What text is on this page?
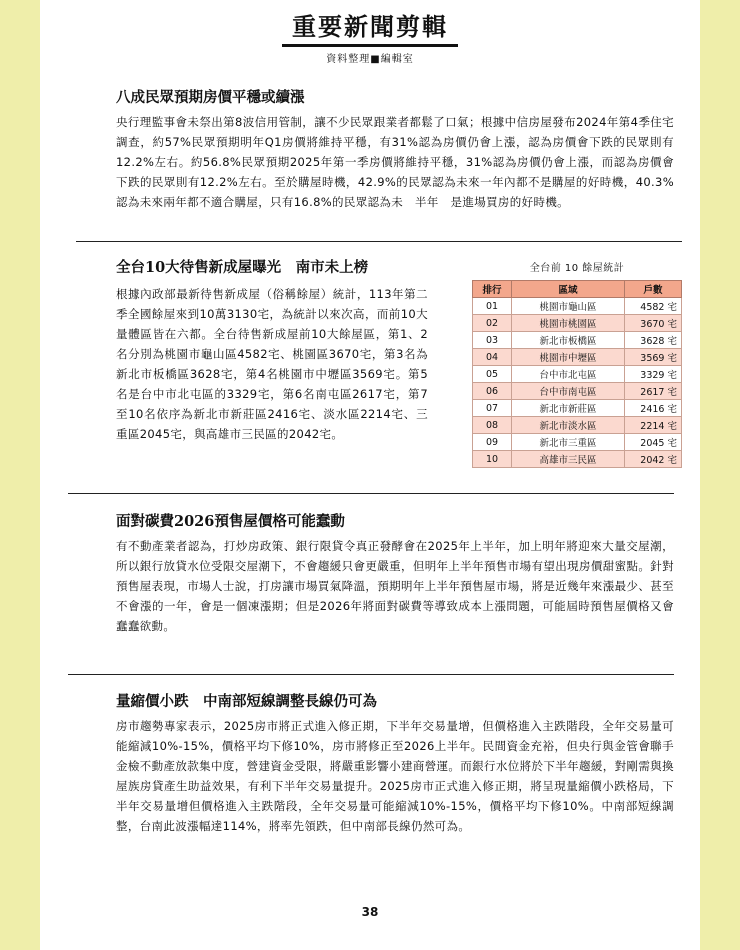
重要新聞剪輯
資料整理■編輯室
八成民眾預期房價平穩或續漲
央行理監事會未祭出第8波信用管制，讓不少民眾跟業者都鬆了口氣；根據中信房屋發布2024年第4季住宅調查，約57%民眾預期明年Q1房價將維持平穩，有31%認為房價仍會上漲，認為房價會下跌的民眾則有12.2%左右。約56.8%民眾預期2025年第一季房價將維持平穩，31%認為房價仍會上漲，而認為房價會下跌的民眾則有12.2%左右。至於購屋時機，42.9%的民眾認為未來一年內都不是購屋的好時機，40.3%認為未來兩年都不適合購屋，只有16.8%的民眾認為未　半年　是進場買房的好時機。
全台10大待售新成屋曝光　南市未上榜
根據內政部最新待售新成屋（俗稱餘屋）統計，113年第二季全國餘屋來到10萬3130宅，為統計以來次高，而前10大量體區皆在六都。全台待售新成屋前10大餘屋區，第1、2名分別為桃園市龜山區4582宅、桃園區3670宅，第3名為新北市板橋區3628宅，第4名桃園市中壢區3569宅。第5名是台中市北屯區的3329宅，第6名南屯區2617宅，第7至10名依序為新北市新莊區2416宅、淡水區2214宅、三重區2045宅，與高雄市三民區的2042宅。
全台前 10 餘屋統計
排行	區域	戶數
01	桃園市龜山區	4582 宅
02	桃園市桃園區	3670 宅
03	新北市板橋區	3628 宅
04	桃園市中壢區	3569 宅
05	台中市北屯區	3329 宅
06	台中市南屯區	2617 宅
07	新北市新莊區	2416 宅
08	新北市淡水區	2214 宅
09	新北市三重區	2045 宅
10	高雄市三民區	2042 宅
面對碳費2026預售屋價格可能蠢動
有不動產業者認為，打炒房政策、銀行限貸令真正發酵會在2025年上半年，加上明年將迎來大量交屋潮，所以銀行放貸水位受限交屋潮下，不會趨緩只會更嚴重，但明年上半年預售市場有望出現房價甜蜜點。針對預售屋表現，市場人士說，打房讓市場買氣降溫，預期明年上半年預售屋市場，將是近幾年來漲最少、甚至不會漲的一年，會是一個凍漲期；但是2026年將面對碳費等導致成本上漲問題，可能屆時預售屋價格又會蠢蠢欲動。
量縮價小跌　中南部短線調整長線仍可為
房市趨勢專家表示，2025房市將正式進入修正期，下半年交易量增，但價格進入主跌階段，全年交易量可能縮減10%-15%，價格平均下修10%，房市將修正至2026上半年。民間資金充裕，但央行與金管會聯手金檢不動產放款集中度，營建資金受限，將嚴重影響小建商營運。而銀行水位將於下半年趨緩，對剛需與換屋族房貸產生助益效果，有利下半年交易量提升。2025房市正式進入修正期，將呈現量縮價小跌格局，下半年交易量增但價格進入主跌階段，全年交易量可能縮減10%-15%，價格平均下修10%。中南部短線調整，台南此波漲幅達114%，將率先領跌，但中南部長線仍然可為。
38
